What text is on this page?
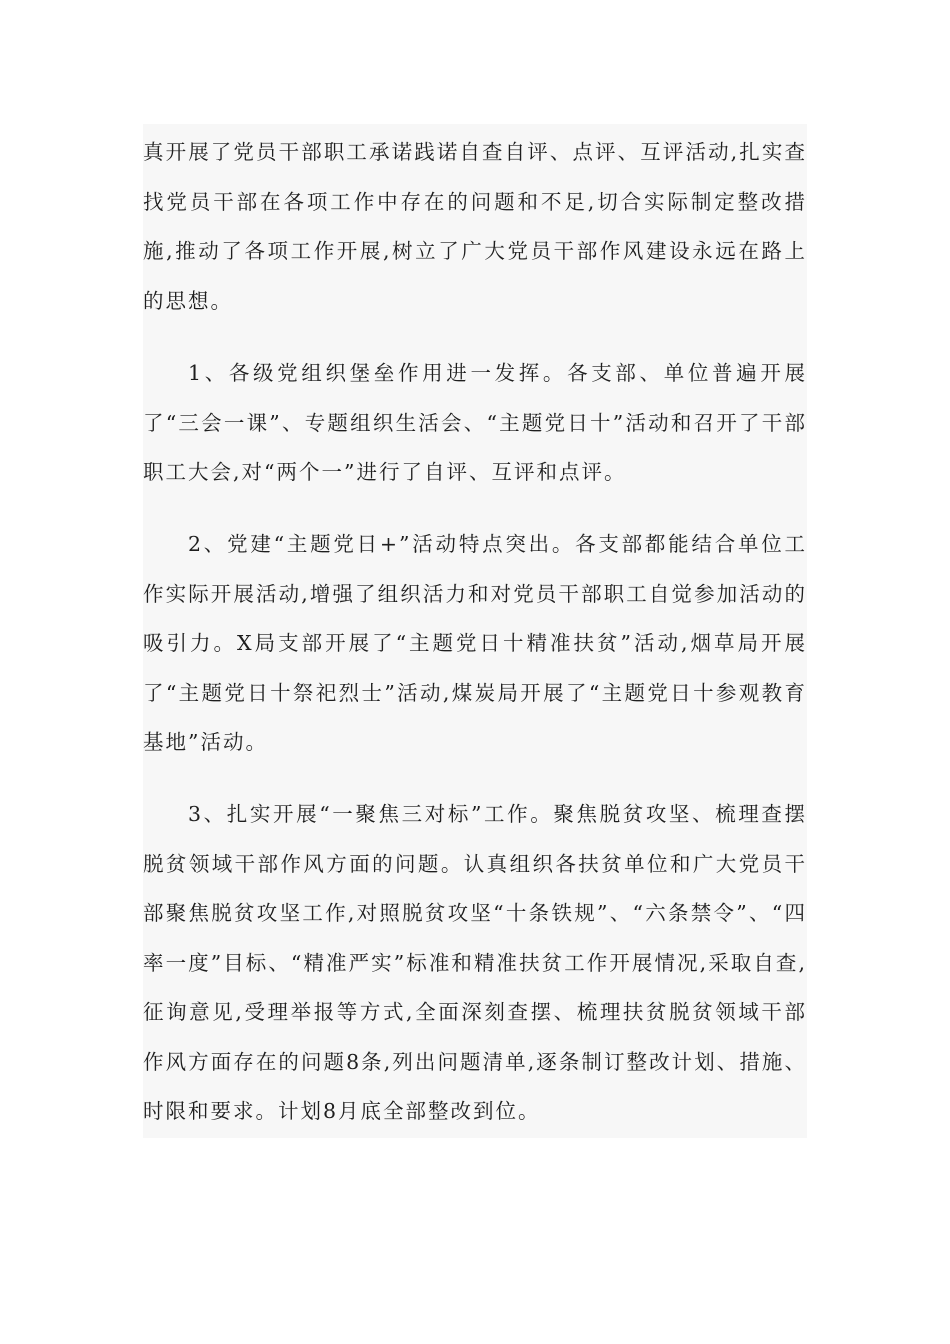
真开展了党员干部职工承诺践诺自查自评、点评、互评活动,扎实查找党员干部在各项工作中存在的问题和不足,切合实际制定整改措施,推动了各项工作开展,树立了广大党员干部作风建设永远在路上的思想。

1、各级党组织堡垒作用进一发挥。各支部、单位普遍开展了“三会一课”、专题组织生活会、“主题党日十”活动和召开了干部职工大会,对“两个一”进行了自评、互评和点评。

2、党建“主题党日+”活动特点突出。各支部都能结合单位工作实际开展活动,增强了组织活力和对党员干部职工自觉参加活动的吸引力。X局支部开展了“主题党日十精准扶贫”活动,烟草局开展了“主题党日十祭祀烈士”活动,煤炭局开展了“主题党日十参观教育基地”活动。

3、扎实开展“一聚焦三对标”工作。聚焦脱贫攻坚、梳理查摆脱贫领域干部作风方面的问题。认真组织各扶贫单位和广大党员干部聚焦脱贫攻坚工作,对照脱贫攻坚“十条铁规”、“六条禁令”、“四率一度”目标、“精准严实”标准和精准扶贫工作开展情况,采取自查,征询意见,受理举报等方式,全面深刻查摆、梳理扶贫脱贫领域干部作风方面存在的问题8条,列出问题清单,逐条制订整改计划、措施、时限和要求。计划8月底全部整改到位。
